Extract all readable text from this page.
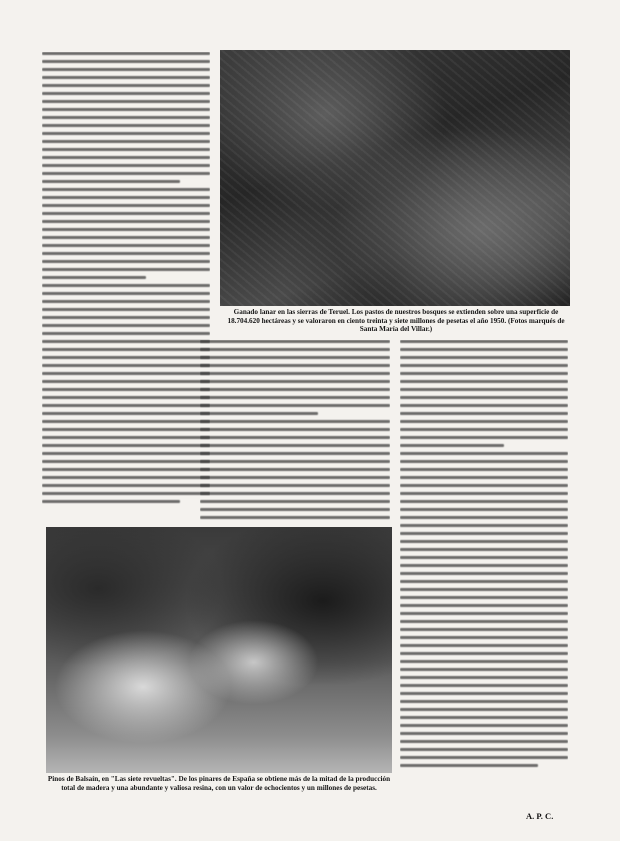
Ganado lanar en las sierras de Teruel. Los pastos de nuestros bosques se extienden sobre una superficie de 18.704.620 hectáreas y se valoraron en ciento treinta y siete millones de pesetas el año 1950. (Fotos marqués de Santa María del Villar.)
Pinos de Balsaín, en "Las siete revueltas". De los pinares de España se obtiene más de la mitad de la producción total de madera y una abundante y valiosa resina, con un valor de ochocientos y un millones de pesetas.
A. P. C.
